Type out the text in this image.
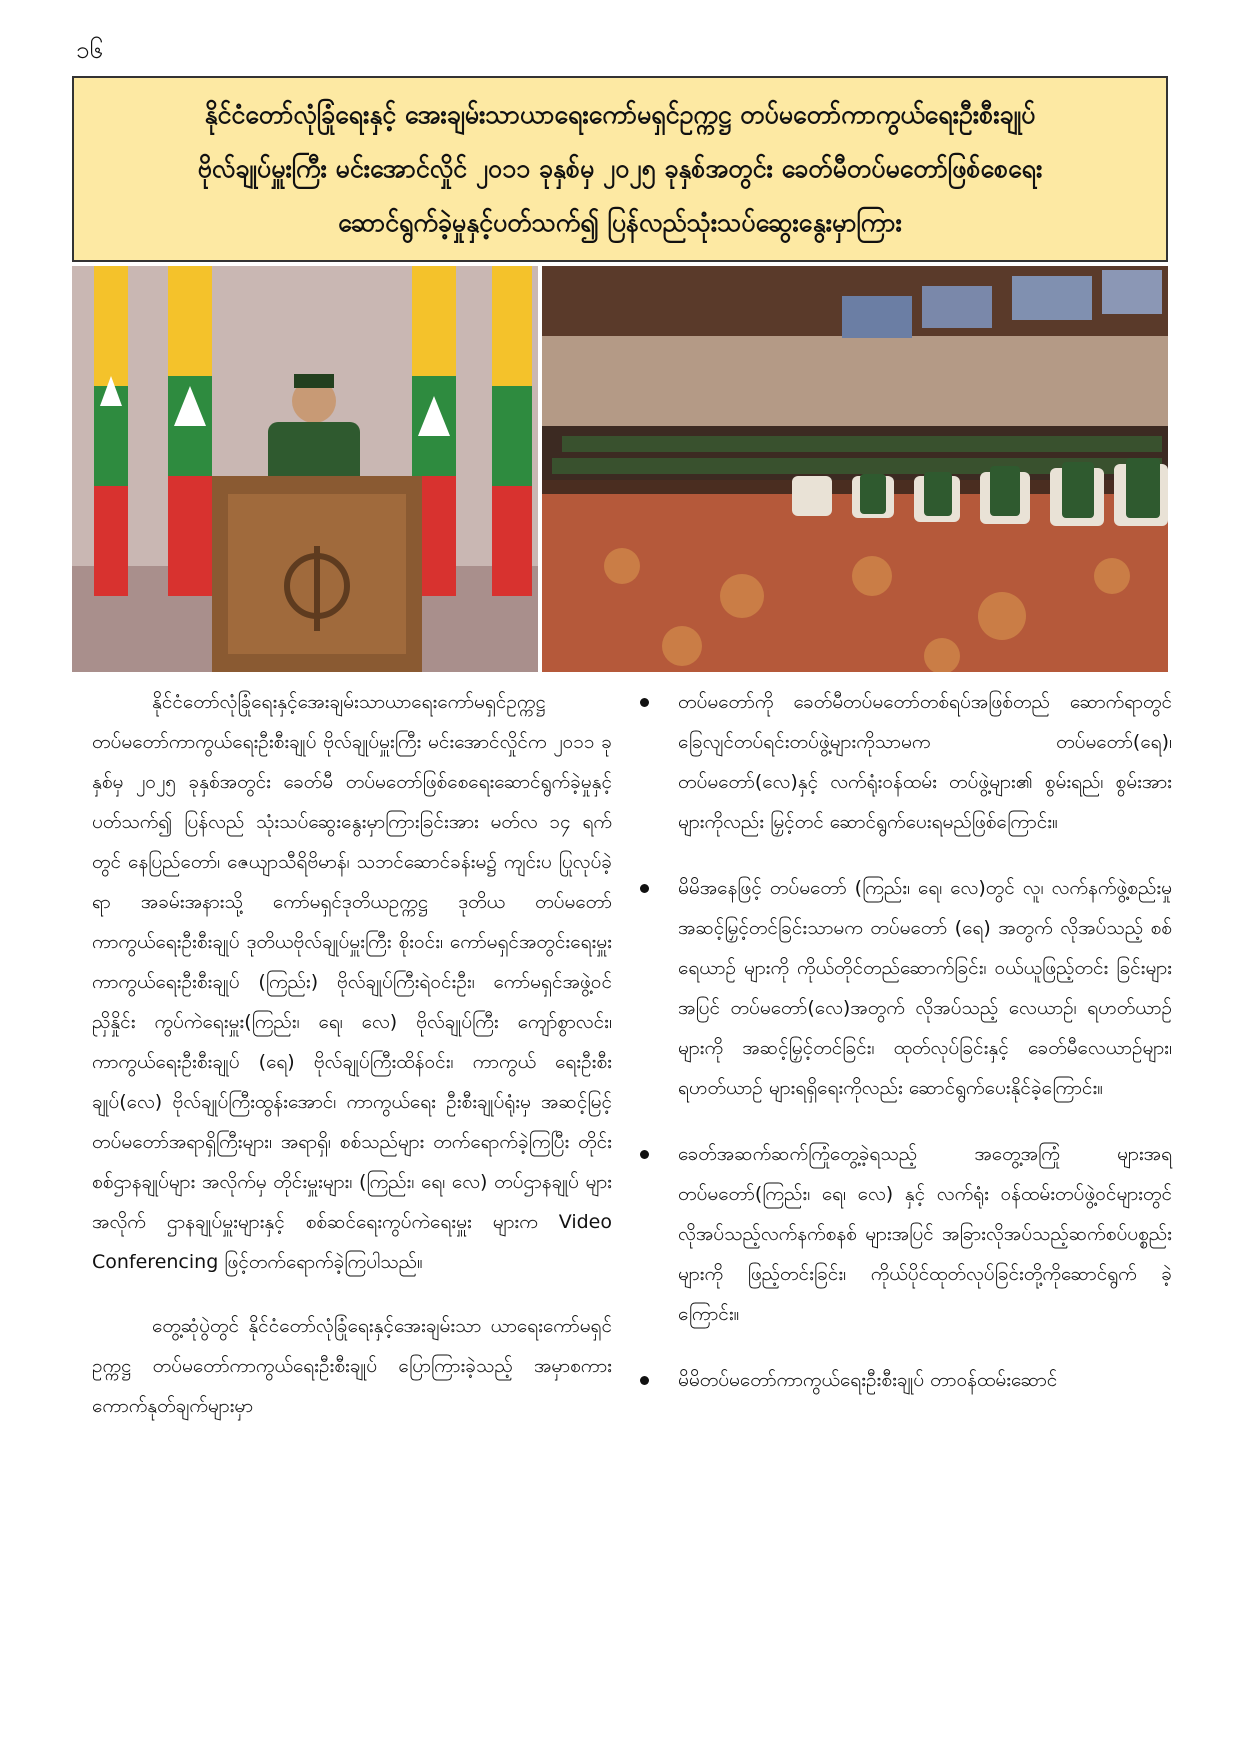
၁၆
နိုင်ငံတော်လုံခြုံရေးနှင့် အေးချမ်းသာယာရေးကော်မရှင်ဥက္ကဋ္ဌ တပ်မတော်ကာကွယ်ရေးဦးစီးချုပ်
ဗိုလ်ချုပ်မှူးကြီး မင်းအောင်လှိုင် ၂၀၁၁ ခုနှစ်မှ ၂၀၂၅ ခုနှစ်အတွင်း ခေတ်မီတပ်မတော်ဖြစ်စေရေး
ဆောင်ရွက်ခဲ့မှုနှင့်ပတ်သက်၍ ပြန်လည်သုံးသပ်ဆွေးနွေးမှာကြား

နိုင်ငံတော်လုံခြုံရေးနှင့်အေးချမ်းသာယာရေးကော်မရှင်ဥက္ကဋ္ဌ တပ်မတော်ကာကွယ်ရေးဦးစီးချုပ် ဗိုလ်ချုပ်မှူးကြီး မင်းအောင်လှိုင်က ၂၀၁၁ ခုနှစ်မှ ၂၀၂၅ ခုနှစ်အတွင်း ခေတ်မီ တပ်မတော်ဖြစ်စေရေးဆောင်ရွက်ခဲ့မှုနှင့်ပတ်သက်၍ ပြန်လည် သုံးသပ်ဆွေးနွေးမှာကြားခြင်းအား မတ်လ ၁၄ ရက်တွင် နေပြည်တော်၊ ဇေယျာသီရိဗိမာန်၊ သဘင်ဆောင်ခန်းမ၌ ကျင်းပ ပြုလုပ်ခဲ့ရာ အခမ်းအနားသို့ ကော်မရှင်ဒုတိယဥက္ကဋ္ဌ ဒုတိယ တပ်မတော်ကာကွယ်ရေးဦးစီးချုပ် ဒုတိယဗိုလ်ချုပ်မှူးကြီး စိုးဝင်း၊ ကော်မရှင်အတွင်းရေးမှူး ကာကွယ်ရေးဦးစီးချုပ် (ကြည်း) ဗိုလ်ချုပ်ကြီးရဲဝင်းဦး၊ ကော်မရှင်အဖွဲ့ဝင် ညှိနှိုင်း ကွပ်ကဲရေးမှူး(ကြည်း၊ ရေ၊ လေ) ဗိုလ်ချုပ်ကြီး ကျော်စွာလင်း၊ ကာကွယ်ရေးဦးစီးချုပ် (ရေ) ဗိုလ်ချုပ်ကြီးထိန်ဝင်း၊ ကာကွယ် ရေးဦးစီးချုပ်(လေ) ဗိုလ်ချုပ်ကြီးထွန်းအောင်၊ ကာကွယ်ရေး ဦးစီးချုပ်ရုံးမှ အဆင့်မြင့်တပ်မတော်အရာရှိကြီးများ၊ အရာရှိ၊ စစ်သည်များ တက်ရောက်ခဲ့ကြပြီး တိုင်းစစ်ဌာနချုပ်များ အလိုက်မှ တိုင်းမှူးများ၊ (ကြည်း၊ ရေ၊ လေ) တပ်ဌာနချုပ် များအလိုက် ဌာနချုပ်မှူးများနှင့် စစ်ဆင်ရေးကွပ်ကဲရေးမှူး များက Video Conferencing ဖြင့်တက်ရောက်ခဲ့ကြပါသည်။

တွေ့ဆုံပွဲတွင် နိုင်ငံတော်လုံခြုံရေးနှင့်အေးချမ်းသာ ယာရေးကော်မရှင်ဥက္ကဋ္ဌ တပ်မတော်ကာကွယ်ရေးဦးစီးချုပ် ပြောကြားခဲ့သည့် အမှာစကားကောက်နုတ်ချက်များမှာ

တပ်မတော်ကို ခေတ်မီတပ်မတော်တစ်ရပ်အဖြစ်တည် ဆောက်ရာတွင် ခြေလျင်တပ်ရင်းတပ်ဖွဲ့များကိုသာမက တပ်မတော်(ရေ)၊ တပ်မတော်(လေ)နှင့် လက်ရုံးဝန်ထမ်း တပ်ဖွဲ့များ၏ စွမ်းရည်၊ စွမ်းအားများကိုလည်း မြှင့်တင် ဆောင်ရွက်ပေးရမည်ဖြစ်ကြောင်း။
မိမိအနေဖြင့် တပ်မတော် (ကြည်း၊ ရေ၊ လေ)တွင် လူ၊ လက်နက်ဖွဲ့စည်းမှု အဆင့်မြှင့်တင်ခြင်းသာမက တပ်မတော် (ရေ) အတွက် လိုအပ်သည့် စစ်ရေယာဉ် များကို ကိုယ်တိုင်တည်ဆောက်ခြင်း၊ ဝယ်ယူဖြည့်တင်း ခြင်းများအပြင် တပ်မတော်(လေ)အတွက် လိုအပ်သည့် လေယာဉ်၊ ရဟတ်ယာဉ်များကို အဆင့်မြှင့်တင်ခြင်း၊ ထုတ်လုပ်ခြင်းနှင့် ခေတ်မီလေယာဉ်များ၊ ရဟတ်ယာဉ် များရရှိရေးကိုလည်း ဆောင်ရွက်ပေးနိုင်ခဲ့ကြောင်း။
ခေတ်အဆက်ဆက်ကြုံတွေ့ခဲ့ရသည့် အတွေ့အကြုံ များအရ တပ်မတော်(ကြည်း၊ ရေ၊ လေ) နှင့် လက်ရုံး ဝန်ထမ်းတပ်ဖွဲ့ဝင်များတွင် လိုအပ်သည့်လက်နက်စနစ် များအပြင် အခြားလိုအပ်သည့်ဆက်စပ်ပစ္စည်းများကို ဖြည့်တင်းခြင်း၊ ကိုယ်ပိုင်ထုတ်လုပ်ခြင်းတို့ကိုဆောင်ရွက် ခဲ့ကြောင်း။
မိမိတပ်မတော်ကာကွယ်ရေးဦးစီးချုပ် တာဝန်ထမ်းဆောင်
